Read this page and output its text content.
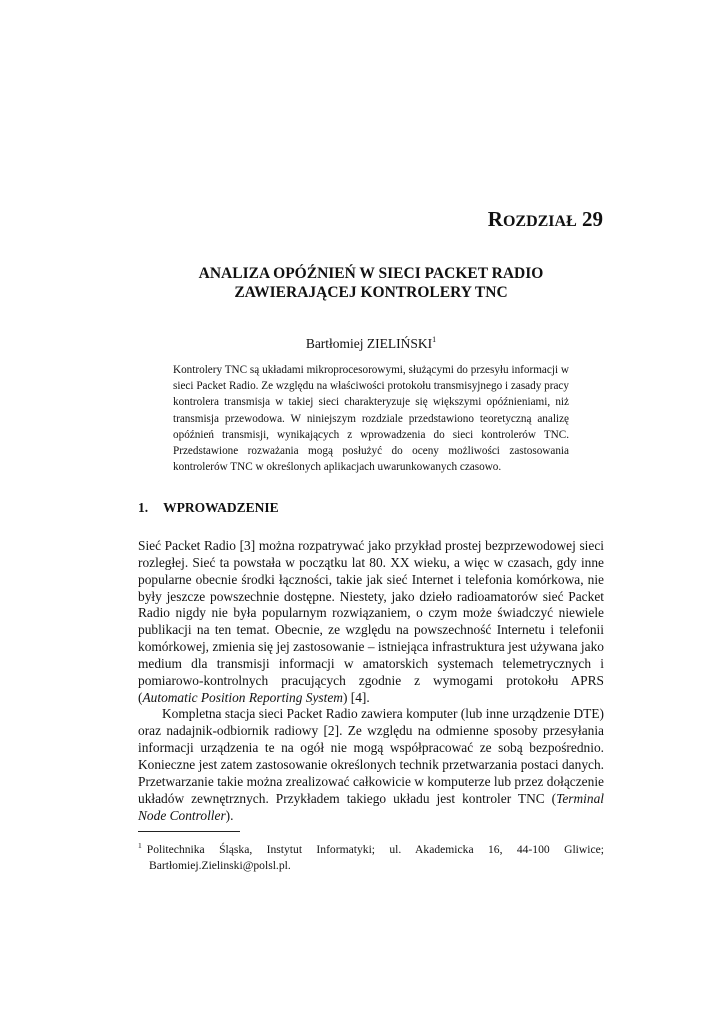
ROZDZIAŁ 29
ANALIZA OPÓŹNIEŃ W SIECI PACKET RADIO
ZAWIERAJĄCEJ KONTROLERY TNC

Bartłomiej ZIELIŃSKI$^1$

Kontrolery TNC są układami mikroprocesorowymi, służącymi do przesyłu informacji w sieci Packet Radio. Ze względu na właściwości protokołu transmisyjnego i zasady pracy kontrolera transmisja w takiej sieci charakteryzuje się większymi opóźnieniami, niż transmisja przewodowa. W niniejszym rozdziale przedstawiono teoretyczną analizę opóźnień transmisji, wynikających z wprowadzenia do sieci kontrolerów TNC. Przedstawione rozważania mogą posłużyć do oceny możliwości zastosowania kontrolerów TNC w określonych aplikacjach uwarunkowanych czasowo.

1. WPROWADZENIE

Sieć Packet Radio [3] można rozpatrywać jako przykład prostej bezprzewodowej sieci rozległej. Sieć ta powstała w początku lat 80. XX wieku, a więc w czasach, gdy inne popularne obecnie środki łączności, takie jak sieć Internet i telefonia komórkowa, nie były jeszcze powszechnie dostępne. Niestety, jako dzieło radioamatorów sieć Packet Radio nigdy nie była popularnym rozwiązaniem, o czym może świadczyć niewiele publikacji na ten temat. Obecnie, ze względu na powszechność Internetu i telefonii komórkowej, zmienia się jej zastosowanie – istniejąca infrastruktura jest używana jako medium dla transmisji informacji w amatorskich systemach telemetrycznych i pomiarowo-kontrolnych pracujących zgodnie z wymogami protokołu APRS (Automatic Position Reporting System) [4].

Kompletna stacja sieci Packet Radio zawiera komputer (lub inne urządzenie DTE) oraz nadajnik-odbiornik radiowy [2]. Ze względu na odmienne sposoby przesyłania informacji urządzenia te na ogół nie mogą współpracować ze sobą bezpośrednio. Konieczne jest zatem zastosowanie określonych technik przetwarzania postaci danych. Przetwarzanie takie można zrealizować całkowicie w komputerze lub przez dołączenie układów zewnętrznych. Przykładem takiego układu jest kontroler TNC (Terminal Node Controller).

$^1$ Politechnika Śląska, Instytut Informatyki; ul. Akademicka 16, 44-100 Gliwice; Bartłomiej.Zielinski@polsl.pl.
